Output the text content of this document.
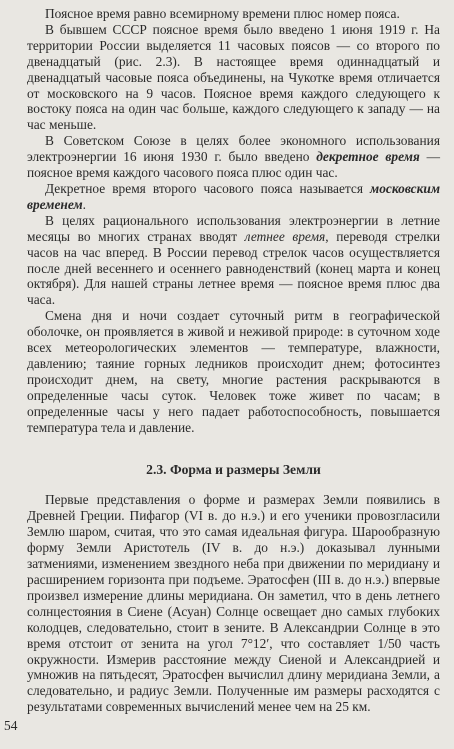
Поясное время равно всемирному времени плюс номер пояса.

В бывшем СССР поясное время было введено 1 июня 1919 г. На территории России выделяется 11 часовых поясов — со второго по двенадцатый (рис. 2.3). В настоящее время одиннадцатый и двенадцатый часовые пояса объединены, на Чукотке время отличается от московского на 9 часов. Поясное время каждого следующего к востоку пояса на один час больше, каждого следующего к западу — на час меньше.

В Советском Союзе в целях более экономного использования электроэнергии 16 июня 1930 г. было введено декретное время — поясное время каждого часового пояса плюс один час.

Декретное время второго часового пояса называется московским временем.

В целях рационального использования электроэнергии в летние месяцы во многих странах вводят летнее время, переводя стрелки часов на час вперед. В России перевод стрелок часов осуществляется после дней весеннего и осеннего равноденствий (конец марта и конец октября). Для нашей страны летнее время — поясное время плюс два часа.

Смена дня и ночи создает суточный ритм в географической оболочке, он проявляется в живой и неживой природе: в суточном ходе всех метеорологических элементов — температуре, влажности, давлению; таяние горных ледников происходит днем; фотосинтез происходит днем, на свету, многие растения раскрываются в определенные часы суток. Человек тоже живет по часам; в определенные часы у него падает работоспособность, повышается температура тела и давление.

2.3. Форма и размеры Земли

Первые представления о форме и размерах Земли появились в Древней Греции. Пифагор (VI в. до н.э.) и его ученики провозгласили Землю шаром, считая, что это самая идеальная фигура. Шарообразную форму Земли Аристотель (IV в. до н.э.) доказывал лунными затмениями, изменением звездного неба при движении по меридиану и расширением горизонта при подъеме. Эратосфен (III в. до н.э.) впервые произвел измерение длины меридиана. Он заметил, что в день летнего солнцестояния в Сиене (Асуан) Солнце освещает дно самых глубоких колодцев, следовательно, стоит в зените. В Александрии Солнце в это время отстоит от зенита на угол 7°12′, что составляет 1/50 часть окружности. Измерив расстояние между Сиеной и Александрией и умножив на пятьдесят, Эратосфен вычислил длину меридиана Земли, а следовательно, и радиус Земли. Полученные им размеры расходятся с результатами современных вычислений менее чем на 25 км.

54
